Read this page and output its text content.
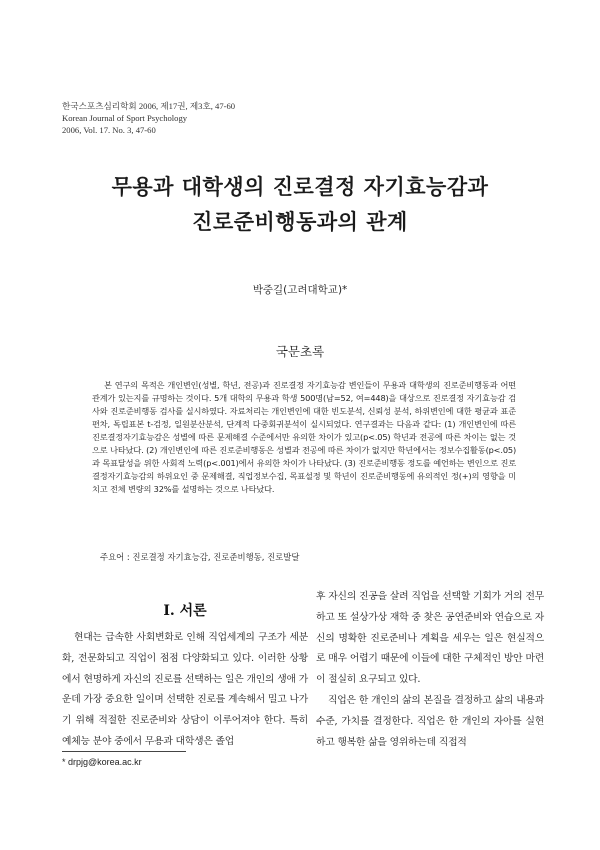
한국스포츠심리학회 2006, 제17권, 제3호, 47-60
Korean Journal of Sport Psychology
2006, Vol. 17. No. 3, 47-60
무용과 대학생의 진로결정 자기효능감과
진로준비행동과의 관계
박중길(고려대학교)*
국문초록
본 연구의 목적은 개인변인(성별, 학년, 전공)과 진로결정 자기효능감 변인들이 무용과 대학생의 진로준비행동과 어떤 관계가 있는지를 규명하는 것이다. 5개 대학의 무용과 학생 500명(남=52, 여=448)을 대상으로 진로결정 자기효능감 검사와 진로준비행동 검사를 실시하였다. 자료처리는 개인변인에 대한 빈도분석, 신뢰성 분석, 하위변인에 대한 평균과 표준편차, 독립표본 t-검정, 일원분산분석, 단계적 다중회귀분석이 실시되었다. 연구결과는 다음과 같다: (1) 개인변인에 따른 진로결정자기효능감은 성별에 따른 문제해결 수준에서만 유의한 차이가 있고(p<.05) 학년과 전공에 따른 차이는 없는 것으로 나타났다. (2) 개인변인에 따른 진로준비행동은 성별과 전공에 따른 차이가 없지만 학년에서는 정보수집활동(p<.05)과 목표달성을 위한 사회적 노력(p<.001)에서 유의한 차이가 나타났다. (3) 진로준비행동 정도를 예언하는 변인으로 진로결정자기효능감의 하위요인 중 문제해결, 직업정보수집, 목표설정 및 학년이 진로준비행동에 유의적인 정(+)의 영향을 미치고 전체 변량의 32%를 설명하는 것으로 나타났다.
주요어 : 진로결정 자기효능감, 진로준비행동, 진로발달
I. 서론

현대는 급속한 사회변화로 인해 직업세계의 구조가 세분화, 전문화되고 직업이 점점 다양화되고 있다. 이러한 상황에서 현명하게 자신의 진로를 선택하는 일은 개인의 생애 가운데 가장 중요한 일이며 선택한 진로를 계속해서 밀고 나가기 위해 적절한 진로준비와 상담이 이루어져야 한다. 특히 예체능 분야 중에서 무용과 대학생은 졸업

후 자신의 진공을 살려 직업을 선택할 기회가 거의 전무하고 또 설상가상 재학 중 찾은 공연준비와 연습으로 자신의 명확한 진로준비나 계획을 세우는 일은 현실적으로 매우 어렵기 때문에 이들에 대한 구체적인 방안 마련이 절실히 요구되고 있다.

직업은 한 개인의 삶의 본질을 결정하고 삶의 내용과 수준, 가치를 결정한다. 직업은 한 개인의 자아를 실현하고 행복한 삶을 영위하는데 직접적

* drpjg@korea.ac.kr
